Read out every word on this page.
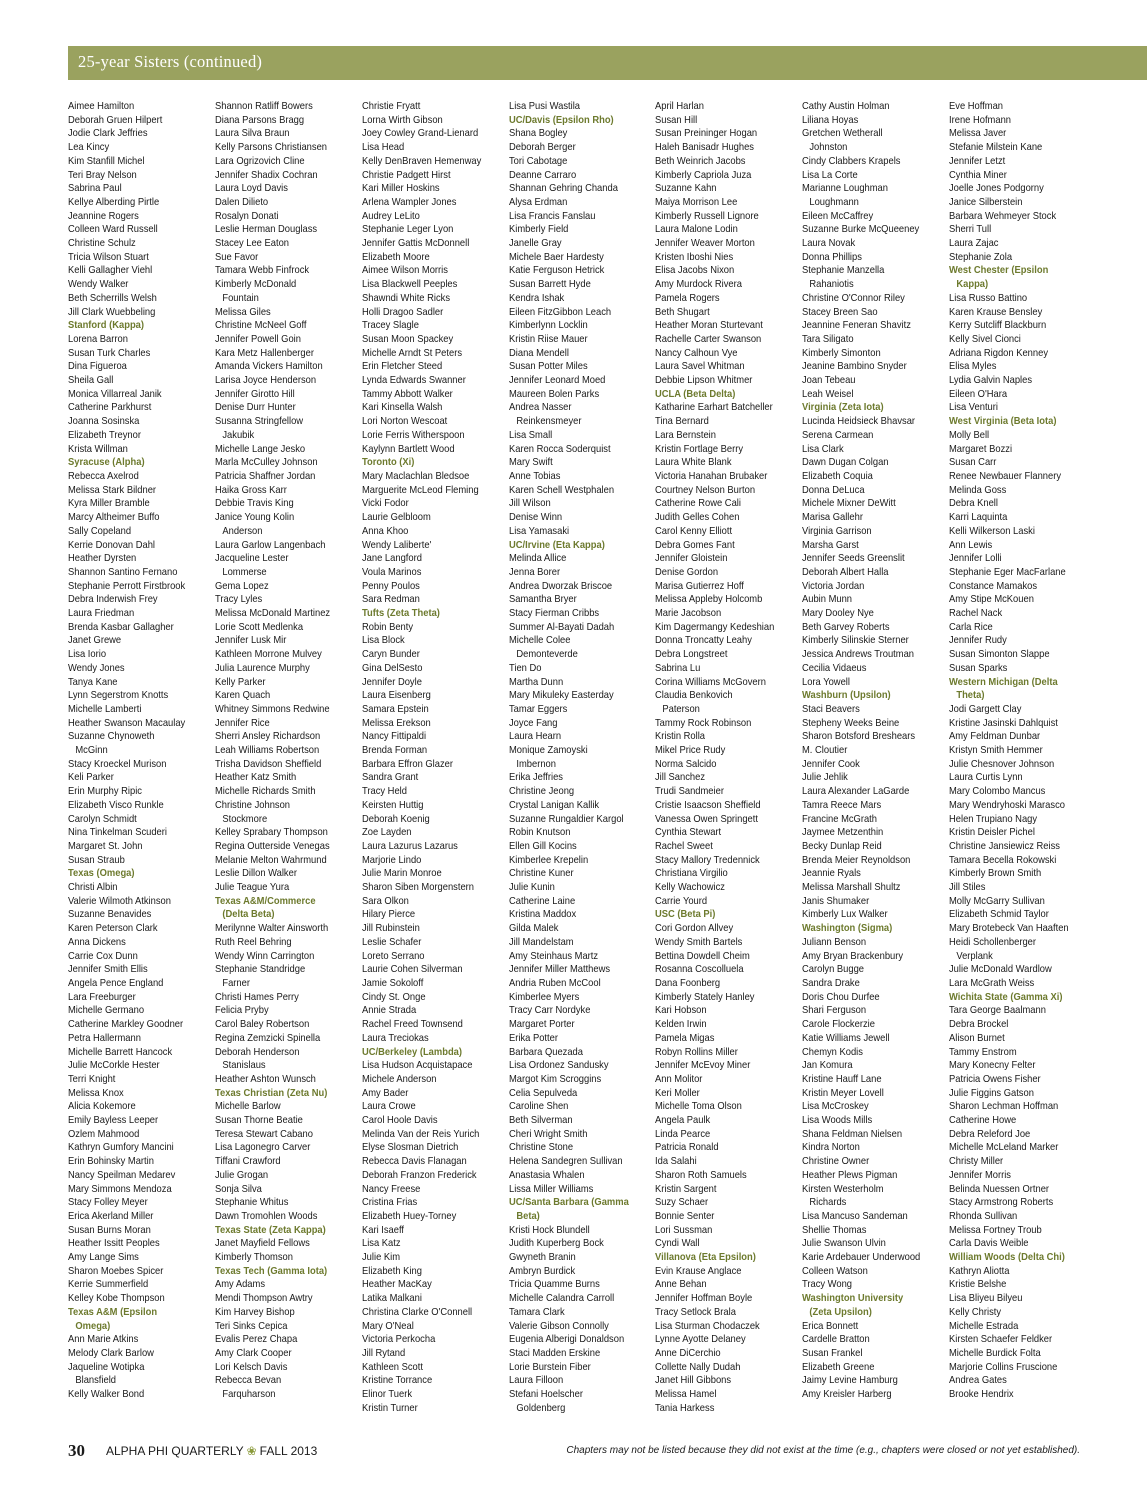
25-year Sisters (continued)
Aimee Hamilton
Deborah Gruen Hilpert
Jodie Clark Jeffries
Lea Kincy
Kim Stanfill Michel
Teri Bray Nelson
Sabrina Paul
Kellye Alberding Pirtle
Jeannine Rogers
Colleen Ward Russell
Christine Schulz
Tricia Wilson Stuart
Kelli Gallagher Viehl
Wendy Walker
Beth Scherrills Welsh
Jill Clark Wuebbeling
Stanford (Kappa)
Lorena Barron
Susan Turk Charles
Dina Figueroa
Sheila Gall
Monica Villarreal Janik
Catherine Parkhurst
Joanna Sosinska
Elizabeth Treynor
Krista Willman
Syracuse (Alpha)
Rebecca Axelrod
Melissa Stark Bildner
Kyra Miller Bramble
Marcy Altheimer Buffo
Sally Copeland
Kerrie Donovan Dahl
Heather Dyrsten
Shannon Santino Fernano
Stephanie Perrott Firstbrook
Debra Inderwish Frey
Laura Friedman
Brenda Kasbar Gallagher
Janet Grewe
Lisa Iorio
Wendy Jones
Tanya Kane
Lynn Segerstrom Knotts
Michelle Lamberti
Heather Swanson Macaulay
Suzanne Chynoweth
McGinn
Stacy Kroeckel Murison
Keli Parker
Erin Murphy Ripic
Elizabeth Visco Runkle
Carolyn Schmidt
Nina Tinkelman Scuderi
Margaret St. John
Susan Straub
Texas (Omega)
Christi Albin
Valerie Wilmoth Atkinson
Suzanne Benavides
Karen Peterson Clark
Anna Dickens
Carrie Cox Dunn
Jennifer Smith Ellis
Angela Pence England
Lara Freeburger
Michelle Germano
Catherine Markley Goodner
Petra Hallermann
Michelle Barrett Hancock
Julie McCorkle Hester
Terri Knight
Melissa Knox
Alicia Kokemore
Emily Bayless Leeper
Ozlem Mahmood
Kathryn Gumfory Mancini
Erin Bohinsky Martin
Nancy Speilman Medarev
Mary Simmons Mendoza
Stacy Folley Meyer
Erica Akerland Miller
Susan Burns Moran
Heather Issitt Peoples
Amy Lange Sims
Sharon Moebes Spicer
Kerrie Summerfield
Kelley Kobe Thompson
Texas A&M (Epsilon
Omega)
Ann Marie Atkins
Melody Clark Barlow
Jaqueline Wotipka
Blansfield
Kelly Walker Bond
Shannon Ratliff Bowers
Diana Parsons Bragg
Laura Silva Braun
Kelly Parsons Christiansen
Lara Ogrizovich Cline
Jennifer Shadix Cochran
Laura Loyd Davis
Dalen Dilieto
Rosalyn Donati
Leslie Herman Douglass
Stacey Lee Eaton
Sue Favor
Tamara Webb Finfrock
Kimberly McDonald
Fountain
Melissa Giles
Christine McNeel Goff
Jennifer Powell Goin
Kara Metz Hallenberger
Amanda Vickers Hamilton
Larisa Joyce Henderson
Jennifer Girotto Hill
Denise Durr Hunter
Susanna Stringfellow
Jakubik
Michelle Lange Jesko
Marla McCulley Johnson
Patricia Shaffner Jordan
Haika Gross Karr
Debbie Travis King
Janice Young Kolin
Anderson
Laura Garlow Langenbach
Jacqueline Lester
Lommerse
Gema Lopez
Tracy Lyles
Melissa McDonald Martinez
Lorie Scott Medlenka
Jennifer Lusk Mir
Kathleen Morrone Mulvey
Julia Laurence Murphy
Kelly Parker
Karen Quach
Whitney Simmons Redwine
Jennifer Rice
Sherri Ansley Richardson
Leah Williams Robertson
Trisha Davidson Sheffield
Heather Katz Smith
Michelle Richards Smith
Christine Johnson
Stockmore
Kelley Sprabary Thompson
Regina Outterside Venegas
Melanie Melton Wahrmund
Leslie Dillon Walker
Julie Teague Yura
Texas A&M/Commerce
(Delta Beta)
Merilynne Walter Ainsworth
Ruth Reel Behring
Wendy Winn Carrington
Stephanie Standridge
Farner
Christi Hames Perry
Felicia Pryby
Carol Baley Robertson
Regina Zemzicki Spinella
Deborah Henderson
Stanislaus
Heather Ashton Wunsch
Texas Christian (Zeta Nu)
Michelle Barlow
Susan Thorne Beatie
Teresa Stewart Cabano
Lisa Lagonegro Carver
Tiffani Crawford
Julie Grogan
Sonja Silva
Stephanie Whitus
Dawn Tromohlen Woods
Texas State (Zeta Kappa)
Janet Mayfield Fellows
Kimberly Thomson
Texas Tech (Gamma Iota)
Amy Adams
Mendi Thompson Awtry
Kim Harvey Bishop
Teri Sinks Cepica
Evalis Perez Chapa
Amy Clark Cooper
Lori Kelsch Davis
Rebecca Bevan
Farquharson
Christie Fryatt
Lorna Wirth Gibson
Joey Cowley Grand-Lienard
Lisa Head
Kelly DenBraven Hemenway
Christie Padgett Hirst
Kari Miller Hoskins
Arlena Wampler Jones
Audrey LeLito
Stephanie Leger Lyon
Jennifer Gattis McDonnell
Elizabeth Moore
Aimee Wilson Morris
Lisa Blackwell Peeples
Shawndi White Ricks
Holli Dragoo Sadler
Tracey Slagle
Susan Moon Spackey
Michelle Arndt St Peters
Erin Fletcher Steed
Lynda Edwards Swanner
Tammy Abbott Walker
Kari Kinsella Walsh
Lori Norton Wescoat
Lorie Ferris Witherspoon
Kaylynn Bartlett Wood
Toronto (Xi)
Mary Maclachlan Bledsoe
Marguerite McLeod Fleming
Vicki Fodor
Laurie Gelbloom
Anna Khoo
Wendy Laliberte'
Jane Langford
Voula Marinos
Penny Poulos
Sara Redman
Tufts (Zeta Theta)
Robin Benty
Lisa Block
Caryn Bunder
Gina DelSesto
Jennifer Doyle
Laura Eisenberg
Samara Epstein
Melissa Erekson
Nancy Fittipaldi
Brenda Forman
Barbara Effron Glazer
Sandra Grant
Tracy Held
Keirsten Huttig
Deborah Koenig
Zoe Layden
Laura Lazurus Lazarus
Marjorie Lindo
Julie Marin Monroe
Sharon Siben Morgenstern
Sara Olkon
Hilary Pierce
Jill Rubinstein
Leslie Schafer
Loreto Serrano
Laurie Cohen Silverman
Jamie Sokoloff
Cindy St. Onge
Annie Strada
Rachel Freed Townsend
Laura Treciokas
UC/Berkeley (Lambda)
Lisa Hudson Acquistapace
Michele Anderson
Amy Bader
Laura Crowe
Carol Hoole Davis
Melinda Van der Reis Yurich
Elyse Slosman Dietrich
Rebecca Davis Flanagan
Deborah Franzon Frederick
Nancy Freese
Cristina Frias
Elizabeth Huey-Torney
Kari Isaeff
Lisa Katz
Julie Kim
Elizabeth King
Heather MacKay
Latika Malkani
Christina Clarke O'Connell
Mary O'Neal
Victoria Perkocha
Jill Rytand
Kathleen Scott
Kristine Torrance
Elinor Tuerk
Kristin Turner
Lisa Pusi Wastila
UC/Davis (Epsilon Rho)
Shana Bogley
Deborah Berger
Tori Cabotage
Deanne Carraro
Shannan Gehring Chanda
Alysa Erdman
Lisa Francis Fanslau
Kimberly Field
Janelle Gray
Michele Baer Hardesty
Katie Ferguson Hetrick
Susan Barrett Hyde
Kendra Ishak
Eileen FitzGibbon Leach
Kimberlynn Locklin
Kristin Riise Mauer
Diana Mendell
Susan Potter Miles
Jennifer Leonard Moed
Maureen Bolen Parks
Andrea Nasser
Reinkensmeyer
Lisa Small
Karen Rocca Soderquist
Mary Swift
Anne Tobias
Karen Schell Westphalen
Jill Wilson
Denise Winn
Lisa Yamasaki
UC/Irvine (Eta Kappa)
Melinda Allice
Jenna Borer
Andrea Dworzak Briscoe
Samantha Bryer
Stacy Fierman Cribbs
Summer Al-Bayati Dadah
Michelle Colee
Demonteverde
Tien Do
Martha Dunn
Mary Mikuleky Easterday
Tamar Eggers
Joyce Fang
Laura Hearn
Monique Zamoyski
Imbernon
Erika Jeffries
Christine Jeong
Crystal Lanigan Kallik
Suzanne Rungaldier Kargol
Robin Knutson
Ellen Gill Kocins
Kimberlee Krepelin
Christine Kuner
Julie Kunin
Catherine Laine
Kristina Maddox
Gilda Malek
Jill Mandelstam
Amy Steinhaus Martz
Jennifer Miller Matthews
Andria Ruben McCool
Kimberlee Myers
Tracy Carr Nordyke
Margaret Porter
Erika Potter
Barbara Quezada
Lisa Ordonez Sandusky
Margot Kim Scroggins
Celia Sepulveda
Caroline Shen
Beth Silverman
Cheri Wright Smith
Christine Stone
Helena Sandegren Sullivan
Anastasia Whalen
Lissa Miller Williams
UC/Santa Barbara (Gamma
Beta)
Kristi Hock Blundell
Judith Kuperberg Bock
Gwyneth Branin
Ambryn Burdick
Tricia Quamme Burns
Michelle Calandra Carroll
Tamara Clark
Valerie Gibson Connolly
Eugenia Alberigi Donaldson
Staci Madden Erskine
Lorie Burstein Fiber
Laura Filloon
Stefani Hoelscher
Goldenberg
April Harlan
Susan Hill
Susan Preininger Hogan
Haleh Banisadr Hughes
Beth Weinrich Jacobs
Kimberly Capriola Juza
Suzanne Kahn
Maiya Morrison Lee
Kimberly Russell Lignore
Laura Malone Lodin
Jennifer Weaver Morton
Kristen Iboshi Nies
Elisa Jacobs Nixon
Amy Murdock Rivera
Pamela Rogers
Beth Shugart
Heather Moran Sturtevant
Rachelle Carter Swanson
Nancy Calhoun Vye
Laura Savel Whitman
Debbie Lipson Whitmer
UCLA (Beta Delta)
Katharine Earhart Batcheller
Tina Bernard
Lara Bernstein
Kristin Fortlage Berry
Laura White Blank
Victoria Hanahan Brubaker
Courtney Nelson Burton
Catherine Rowe Cali
Judith Gelles Cohen
Carol Kenny Elliott
Debra Gomes Fant
Jennifer Gloistein
Denise Gordon
Marisa Gutierrez Hoff
Melissa Appleby Holcomb
Marie Jacobson
Kim Dagermangy Kedeshian
Donna Troncatty Leahy
Debra Longstreet
Sabrina Lu
Corina Williams McGovern
Claudia Benkovich
Paterson
Tammy Rock Robinson
Kristin Rolla
Mikel Price Rudy
Norma Salcido
Jill Sanchez
Trudi Sandmeier
Cristie Isaacson Sheffield
Vanessa Owen Springett
Cynthia Stewart
Rachel Sweet
Stacy Mallory Tredennick
Christiana Virgilio
Kelly Wachowicz
Carrie Yourd
USC (Beta Pi)
Cori Gordon Allvey
Wendy Smith Bartels
Bettina Dowdell Cheim
Rosanna Coscolluela
Dana Foonberg
Kimberly Stately Hanley
Kari Hobson
Kelden Irwin
Pamela Migas
Robyn Rollins Miller
Jennifer McEvoy Miner
Ann Molitor
Keri Moller
Michelle Toma Olson
Angela Paulk
Linda Pearce
Patricia Ronald
Ida Salahi
Sharon Roth Samuels
Kristin Sargent
Suzy Schaer
Bonnie Senter
Lori Sussman
Cyndi Wall
Villanova (Eta Epsilon)
Evin Krause Anglace
Anne Behan
Jennifer Hoffman Boyle
Tracy Setlock Brala
Lisa Sturman Chodaczek
Lynne Ayotte Delaney
Anne DiCerchio
Collette Nally Dudah
Janet Hill Gibbons
Melissa Hamel
Tania Harkess
Cathy Austin Holman
Liliana Hoyas
Gretchen Wetherall
Johnston
Cindy Clabbers Krapels
Lisa La Corte
Marianne Loughman
Loughmann
Eileen McCaffrey
Suzanne Burke McQueeney
Laura Novak
Donna Phillips
Stephanie Manzella
Rahaniotis
Christine O'Connor Riley
Stacey Breen Sao
Jeannine Feneran Shavitz
Tara Siligato
Kimberly Simonton
Jeanine Bambino Snyder
Joan Tebeau
Leah Weisel
Virginia (Zeta Iota)
Lucinda Heidsieck Bhavsar
Serena Carmean
Lisa Clark
Dawn Dugan Colgan
Elizabeth Coquia
Donna DeLuca
Michele Mixner DeWitt
Marisa Gallehr
Virginia Garrison
Marsha Garst
Jennifer Seeds Greenslit
Deborah Albert Halla
Victoria Jordan
Aubin Munn
Mary Dooley Nye
Beth Garvey Roberts
Kimberly Silinskie Sterner
Jessica Andrews Troutman
Cecilia Vidaeus
Lora Yowell
Washburn (Upsilon)
Staci Beavers
Stepheny Weeks Beine
Sharon Botsford Breshears
M. Cloutier
Jennifer Cook
Julie Jehlik
Laura Alexander LaGarde
Tamra Reece Mars
Francine McGrath
Jaymee Metzenthin
Becky Dunlap Reid
Brenda Meier Reynoldson
Jeannie Ryals
Melissa Marshall Shultz
Janis Shumaker
Kimberly Lux Walker
Washington (Sigma)
Juliann Benson
Amy Bryan Brackenbury
Carolyn Bugge
Sandra Drake
Doris Chou Durfee
Shari Ferguson
Carole Flockerzie
Katie Williams Jewell
Chemyn Kodis
Jan Komura
Kristine Hauff Lane
Kristin Meyer Lovell
Lisa McCroskey
Lisa Woods Mills
Shana Feldman Nielsen
Kindra Norton
Christine Owner
Heather Plews Pigman
Kirsten Westerholm
Richards
Lisa Mancuso Sandeman
Shellie Thomas
Julie Swanson Ulvin
Karie Ardebauer Underwood
Colleen Watson
Tracy Wong
Washington University
(Zeta Upsilon)
Erica Bonnett
Cardelle Bratton
Susan Frankel
Elizabeth Greene
Jaimy Levine Hamburg
Amy Kreisler Harberg
Eve Hoffman
Irene Hofmann
Melissa Javer
Stefanie Milstein Kane
Jennifer Letzt
Cynthia Miner
Joelle Jones Podgorny
Janice Silberstein
Barbara Wehmeyer Stock
Sherri Tull
Laura Zajac
Stephanie Zola
West Chester (Epsilon
Kappa)
Lisa Russo Battino
Karen Krause Bensley
Kerry Sutcliff Blackburn
Kelly Sivel Cionci
Adriana Rigdon Kenney
Elisa Myles
Lydia Galvin Naples
Eileen O'Hara
Lisa Venturi
West Virginia (Beta Iota)
Molly Bell
Margaret Bozzi
Susan Carr
Renee Newbauer Flannery
Melinda Goss
Debra Knell
Karri Laquinta
Kelli Wilkerson Laski
Ann Lewis
Jennifer Lolli
Stephanie Eger MacFarlane
Constance Mamakos
Amy Stipe McKouen
Rachel Nack
Carla Rice
Jennifer Rudy
Susan Simonton Slappe
Susan Sparks
Western Michigan (Delta
Theta)
Jodi Gargett Clay
Kristine Jasinski Dahlquist
Amy Feldman Dunbar
Kristyn Smith Hemmer
Julie Chesnover Johnson
Laura Curtis Lynn
Mary Colombo Mancus
Mary Wendryhoski Marasco
Helen Trupiano Nagy
Kristin Deisler Pichel
Christine Jansiewicz Reiss
Tamara Becella Rokowski
Kimberly Brown Smith
Jill Stiles
Molly McGarry Sullivan
Elizabeth Schmid Taylor
Mary Brotebeck Van Haaften
Heidi Schollenberger
Verplank
Julie McDonald Wardlow
Lara McGrath Weiss
Wichita State (Gamma Xi)
Tara George Baalmann
Debra Brockel
Alison Burnet
Tammy Enstrom
Mary Konecny Felter
Patricia Owens Fisher
Julie Figgins Gatson
Sharon Lechman Hoffman
Catherine Howe
Debra Releford Joe
Michelle McLeland Marker
Christy Miller
Jennifer Morris
Belinda Nuessen Ortner
Stacy Armstrong Roberts
Rhonda Sullivan
Melissa Fortney Troub
Carla Davis Weible
William Woods (Delta Chi)
Kathryn Aliotta
Kristie Belshe
Lisa Bliyeu Bilyeu
Kelly Christy
Michelle Estrada
Kirsten Schaefer Feldker
Michelle Burdick Folta
Marjorie Collins Fruscione
Andrea Gates
Brooke Hendrix
30 ALPHA PHI QUARTERLY ❀ FALL 2013	Chapters may not be listed because they did not exist at the time (e.g., chapters were closed or not yet established).
